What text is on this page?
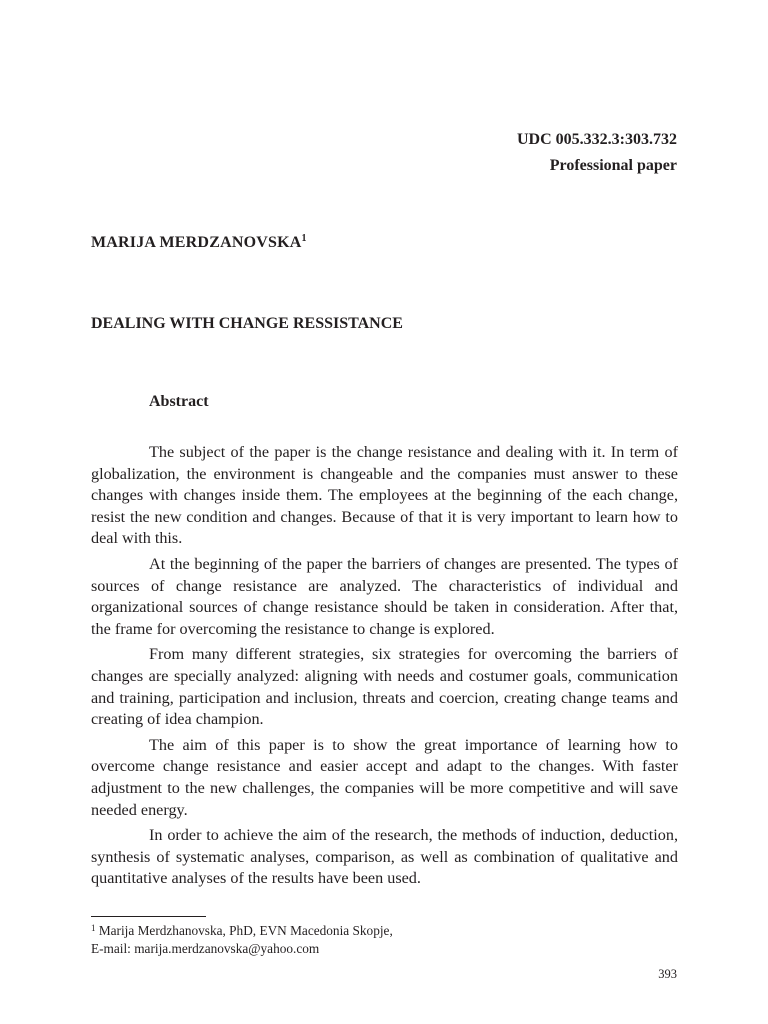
UDC 005.332.3:303.732
Professional paper
MARIJA MERDZANOVSKA$^1$
DEALING WITH CHANGE RESSISTANCE
Abstract

The subject of the paper is the change resistance and dealing with it. In term of globalization, the environment is changeable and the companies must answer to these changes with changes inside them. The employees at the beginning of the each change, resist the new condition and changes. Because of that it is very important to learn how to deal with this.

At the beginning of the paper the barriers of changes are presented. The types of sources of change resistance are analyzed. The characteristics of individual and organizational sources of change resistance should be taken in consideration. After that, the frame for overcoming the resistance to change is explored.

From many different strategies, six strategies for overcoming the barriers of changes are specially analyzed: aligning with needs and costumer goals, communication and training, participation and inclusion, threats and coercion, creating change teams and creating of idea champion.

The aim of this paper is to show the great importance of learning how to overcome change resistance and easier accept and adapt to the changes. With faster adjustment to the new challenges, the companies will be more competitive and will save needed energy.

In order to achieve the aim of the research, the methods of induction, deduction, synthesis of systematic analyses, comparison, as well as combination of qualitative and quantitative analyses of the results have been used.

$^1$ Marija Merdzhanovska, PhD, EVN Macedonia Skopje,
E-mail: marija.merdzanovska@yahoo.com
393
